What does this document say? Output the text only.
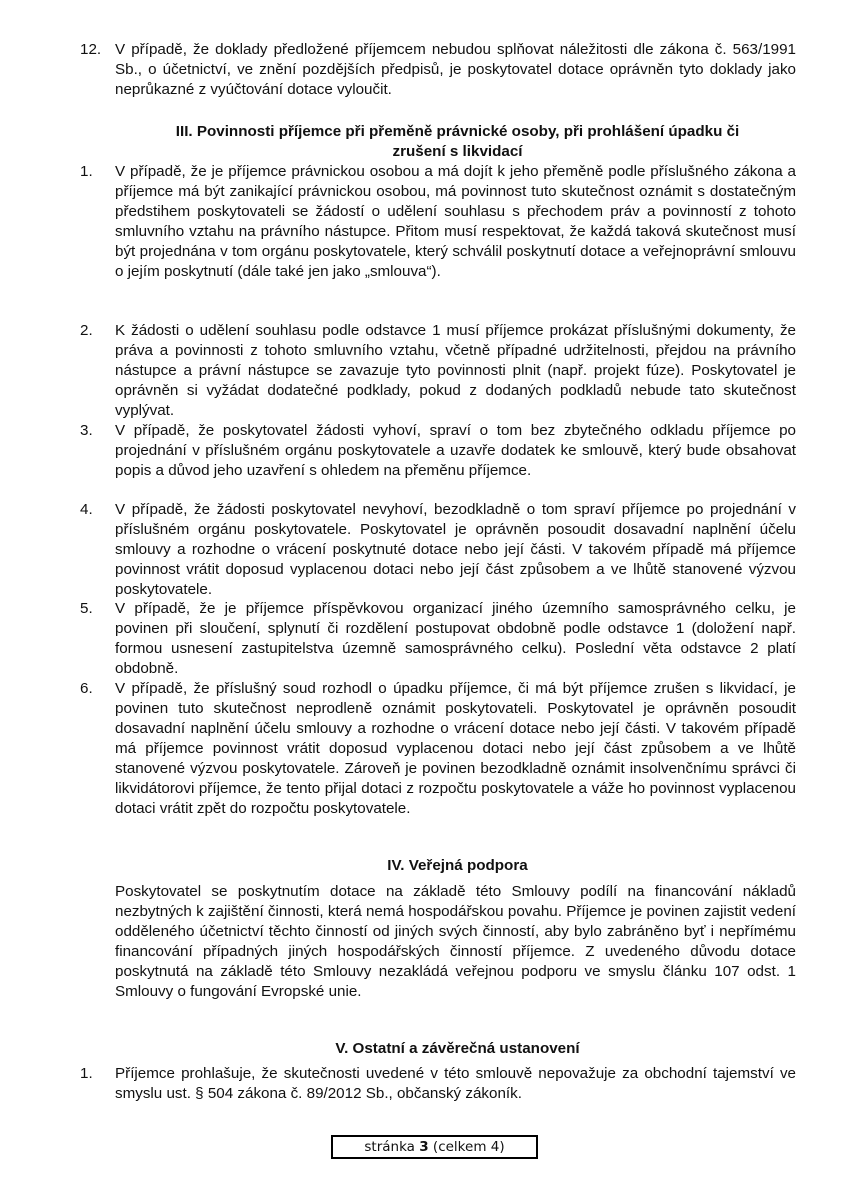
12. V případě, že doklady předložené příjemcem nebudou splňovat náležitosti dle zákona č. 563/1991 Sb., o účetnictví, ve znění pozdějších předpisů, je poskytovatel dotace oprávněn tyto doklady jako neprůkazné z vyúčtování dotace vyloučit.
III. Povinnosti příjemce při přeměně právnické osoby, při prohlášení úpadku či
zrušení s likvidací
1.	V případě, že je příjemce právnickou osobou a má dojít k jeho přeměně podle příslušného zákona a příjemce má být zanikající právnickou osobou, má povinnost tuto skutečnost oznámit s dostatečným předstihem poskytovateli se žádostí o udělení souhlasu s přechodem práv a povinností z tohoto smluvního vztahu na právního nástupce. Přitom musí respektovat, že každá taková skutečnost musí být projednána v tom orgánu poskytovatele, který schválil poskytnutí dotace a veřejnoprávní smlouvu o jejím poskytnutí (dále také jen jako „smlouva“).
2.	K žádosti o udělení souhlasu podle odstavce 1 musí příjemce prokázat příslušnými dokumenty, že práva a povinnosti z tohoto smluvního vztahu, včetně případné udržitelnosti, přejdou na právního nástupce a právní nástupce se zavazuje tyto povinnosti plnit (např. projekt fúze). Poskytovatel je oprávněn si vyžádat dodatečné podklady, pokud z dodaných podkladů nebude tato skutečnost vyplývat.
3.	V případě, že poskytovatel žádosti vyhoví, spraví o tom bez zbytečného odkladu příjemce po projednání v příslušném orgánu poskytovatele a uzavře dodatek ke smlouvě, který bude obsahovat popis a důvod jeho uzavření s ohledem na přeměnu příjemce.
4.	V případě, že žádosti poskytovatel nevyhoví, bezodkladně o tom spraví příjemce po projednání v příslušném orgánu poskytovatele. Poskytovatel je oprávněn posoudit dosavadní naplnění účelu smlouvy a rozhodne o vrácení poskytnuté dotace nebo její části. V takovém případě má příjemce povinnost vrátit doposud vyplacenou dotaci nebo její část způsobem a ve lhůtě stanovené výzvou poskytovatele.
5.	V případě, že je příjemce příspěvkovou organizací jiného územního samosprávného celku, je povinen při sloučení, splynutí či rozdělení postupovat obdobně podle odstavce 1 (doložení např. formou usnesení zastupitelstva územně samosprávného celku). Poslední věta odstavce 2 platí obdobně.
6.	V případě, že příslušný soud rozhodl o úpadku příjemce, či má být příjemce zrušen s likvidací, je povinen tuto skutečnost neprodleně oznámit poskytovateli. Poskytovatel je oprávněn posoudit dosavadní naplnění účelu smlouvy a rozhodne o vrácení dotace nebo její části. V takovém případě má příjemce povinnost vrátit doposud vyplacenou dotaci nebo její část způsobem a ve lhůtě stanovené výzvou poskytovatele. Zároveň je povinen bezodkladně oznámit insolvenčnímu správci či likvidátorovi příjemce, že tento přijal dotaci z rozpočtu poskytovatele a váže ho povinnost vyplacenou dotaci vrátit zpět do rozpočtu poskytovatele.
IV. Veřejná podpora
Poskytovatel se poskytnutím dotace na základě této Smlouvy podílí na financování nákladů nezbytných k zajištění činnosti, která nemá hospodářskou povahu. Příjemce je povinen zajistit vedení odděleného účetnictví těchto činností od jiných svých činností, aby bylo zabráněno byť i nepřímému financování případných jiných hospodářských činností příjemce. Z uvedeného důvodu dotace poskytnutá na základě této Smlouvy nezakládá veřejnou podporu ve smyslu článku 107 odst. 1 Smlouvy o fungování Evropské unie.
V. Ostatní a závěrečná ustanovení
1.	Příjemce prohlašuje, že skutečnosti uvedené v této smlouvě nepovažuje za obchodní tajemství ve smyslu ust. § 504 zákona č. 89/2012 Sb., občanský zákoník.
stránka 3 (celkem 4)
